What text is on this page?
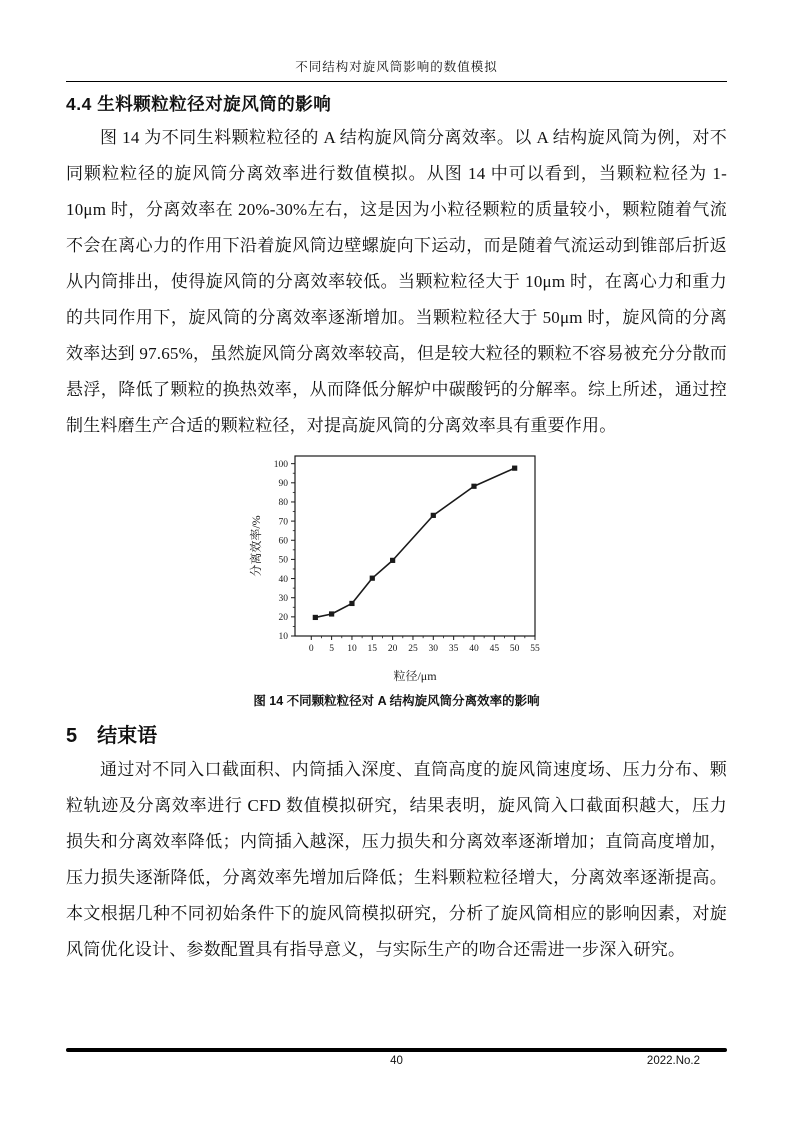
不同结构对旋风筒影响的数值模拟
4.4 生料颗粒粒径对旋风筒的影响
图 14 为不同生料颗粒粒径的 A 结构旋风筒分离效率。以 A 结构旋风筒为例，对不同颗粒粒径的旋风筒分离效率进行数值模拟。从图 14 中可以看到，当颗粒粒径为 1-10μm 时，分离效率在 20%-30%左右，这是因为小粒径颗粒的质量较小，颗粒随着气流不会在离心力的作用下沿着旋风筒边壁螺旋向下运动，而是随着气流运动到锥部后折返从内筒排出，使得旋风筒的分离效率较低。当颗粒粒径大于 10μm 时，在离心力和重力的共同作用下，旋风筒的分离效率逐渐增加。当颗粒粒径大于 50μm 时，旋风筒的分离效率达到 97.65%，虽然旋风筒分离效率较高，但是较大粒径的颗粒不容易被充分分散而悬浮，降低了颗粒的换热效率，从而降低分解炉中碳酸钙的分解率。综上所述，通过控制生料磨生产合适的颗粒粒径，对提高旋风筒的分离效率具有重要作用。
0 5 10 15 20 25 30 35 40 45 50 55
10
20
30
40
50
60
70
80
90
100
粒径/μm
分离效率/%
图 14 不同颗粒粒径对 A 结构旋风筒分离效率的影响
5 结束语
通过对不同入口截面积、内筒插入深度、直筒高度的旋风筒速度场、压力分布、颗粒轨迹及分离效率进行 CFD 数值模拟研究，结果表明，旋风筒入口截面积越大，压力损失和分离效率降低；内筒插入越深，压力损失和分离效率逐渐增加；直筒高度增加，压力损失逐渐降低，分离效率先增加后降低；生料颗粒粒径增大，分离效率逐渐提高。本文根据几种不同初始条件下的旋风筒模拟研究，分析了旋风筒相应的影响因素，对旋风筒优化设计、参数配置具有指导意义，与实际生产的吻合还需进一步深入研究。
40	2022.No.2
